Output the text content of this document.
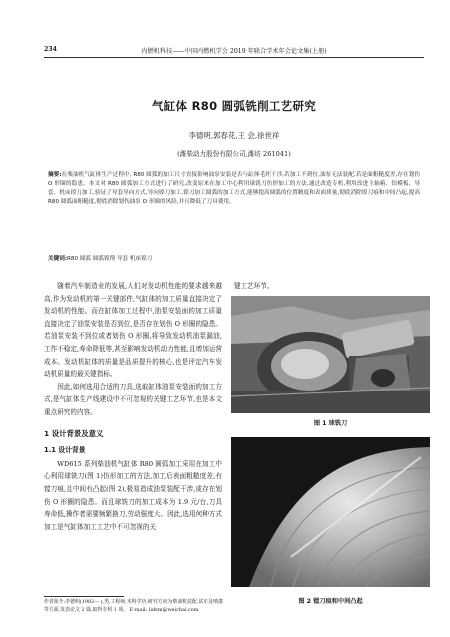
234	内燃机科技——中国内燃机学会 2019 年联合学术年会论文集(上册)
气缸体 R80 圆弧铣削工艺研究
李德明,郭春花,王 会,徐世祥
(潍柴动力股份有限公司,潍坊 261041)
摘要:在柴油机气缸体生产过程中, R80 圆弧的加工尺寸直接影响油泵安装是否与缸体毛坯干涉,若加工不到位,油泵无法装配,若是面粗糙度差,存在划伤 O 形圈的隐患。本文对 R80 圆弧加工方式进行了研究,改变原来在加工中心利用球铣刀仿形加工的方法,通过改造专机,利用改进主轴箱、钻模板、导套、机床镗刀加工,验证了导套导向方式,导向镗刀加工,镗刀加工圆弧的加工方式,能够提高圆弧的位置精度和表面质量,彻底消除镗刀痕和中间凸起,提高 R80 圆弧面粗糙度,彻底消除划伤油泵 O 形圈的风险,并且降低了刀具费用。
关键词:R80 圆弧 圆弧镗削 导套 机床镗刀

随着汽车制造业的发展,人们对发动机性能的要求越来越高,作为发动机的第一关键部件,气缸体的加工质量直接决定了发动机的性能。而在缸体加工过程中,油泵安装面的加工质量直接决定了油泵安装是否到位,是否存在划伤 O 形圈的隐患。若油泵安装不到位或者划伤 O 形圈,将导致发动机油泵漏油,工作不稳定,寿命降低等,甚至影响发动机动力性能,且增加运营成本。发动机缸体的质量是品质提升的核心,也是评定汽车发动机质量的最关键指标。

因此,如何选用合适的刀具,选取缸体油泵安装面的加工方式,是气缸体生产线建设中不可忽视的关键工艺环节,也是本文重点研究的内容。

1 设计背景及意义
1.1 设计背景

WD615 系列柴油机气缸体 R80 圆弧加工采用在加工中心利用球铣刀(图 1)仿形加工的方法,加工后表面粗糙度差,有镗刀痕,且中间有凸起(图 2),极易造成油泵装配干涉,或存在划伤 O 形圈的隐患。而且球铣刀的加工成本为 1.9 元/台,刀具寿命低,操作者需要频繁换刀,劳动强度大。因此,选用何种方式加工是气缸体加工工艺中不可忽视的关

键工艺环节。
图 1 球铣刀
图 2 镗刀痕和中间凸起
作者简介:李德明(1982— ),男,工程师,本科学历,研究方向为柴油机装配,试车及喷漆等方面,发表论文 2 篇,取得专利 1 项。 E-mail: lidem@weichai.com
